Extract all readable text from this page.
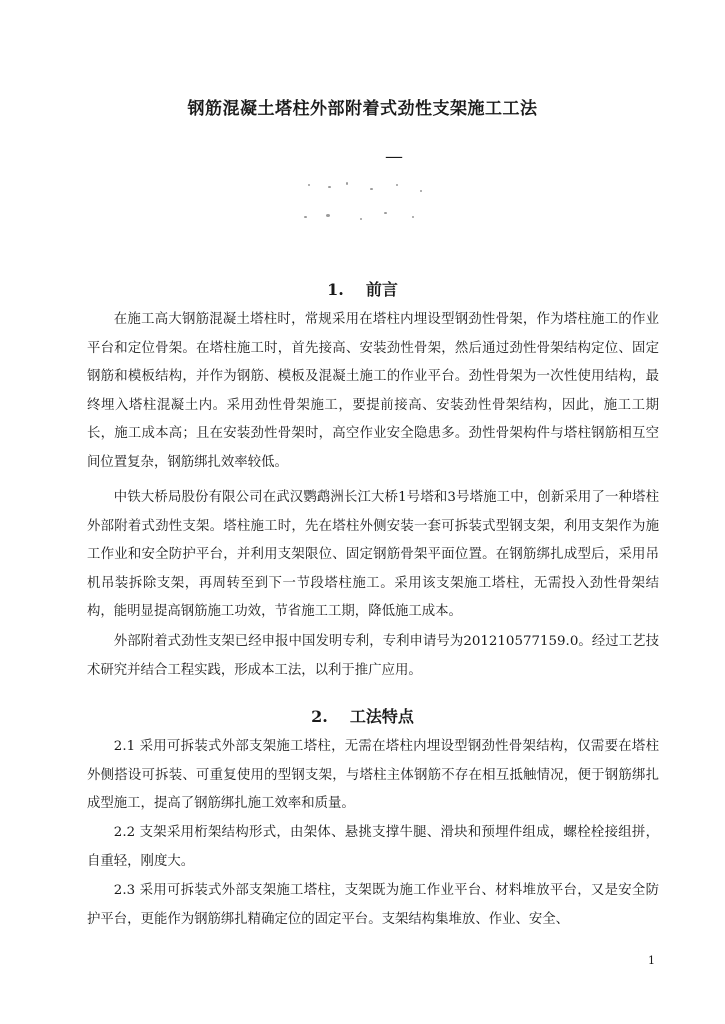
钢筋混凝土塔柱外部附着式劲性支架施工工法
—
1. 前言

在施工高大钢筋混凝土塔柱时，常规采用在塔柱内埋设型钢劲性骨架，作为塔柱施工的作业平台和定位骨架。在塔柱施工时，首先接高、安装劲性骨架，然后通过劲性骨架结构定位、固定钢筋和模板结构，并作为钢筋、模板及混凝土施工的作业平台。劲性骨架为一次性使用结构，最终埋入塔柱混凝土内。采用劲性骨架施工，要提前接高、安装劲性骨架结构，因此，施工工期长，施工成本高；且在安装劲性骨架时，高空作业安全隐患多。劲性骨架构件与塔柱钢筋相互空间位置复杂，钢筋绑扎效率较低。

中铁大桥局股份有限公司在武汉鹦鹉洲长江大桥1号塔和3号塔施工中，创新采用了一种塔柱外部附着式劲性支架。塔柱施工时，先在塔柱外侧安装一套可拆装式型钢支架，利用支架作为施工作业和安全防护平台，并利用支架限位、固定钢筋骨架平面位置。在钢筋绑扎成型后，采用吊机吊装拆除支架，再周转至到下一节段塔柱施工。采用该支架施工塔柱，无需投入劲性骨架结构，能明显提高钢筋施工功效，节省施工工期，降低施工成本。

外部附着式劲性支架已经申报中国发明专利，专利申请号为201210577159.0。经过工艺技术研究并结合工程实践，形成本工法，以利于推广应用。

2. 工法特点

2.1 采用可拆装式外部支架施工塔柱，无需在塔柱内埋设型钢劲性骨架结构，仅需要在塔柱外侧搭设可拆装、可重复使用的型钢支架，与塔柱主体钢筋不存在相互抵触情况，便于钢筋绑扎成型施工，提高了钢筋绑扎施工效率和质量。

2.2 支架采用桁架结构形式，由架体、悬挑支撑牛腿、滑块和预埋件组成，螺栓栓接组拼，自重轻，刚度大。

2.3 采用可拆装式外部支架施工塔柱，支架既为施工作业平台、材料堆放平台，又是安全防护平台，更能作为钢筋绑扎精确定位的固定平台。支架结构集堆放、作业、安全、

1
